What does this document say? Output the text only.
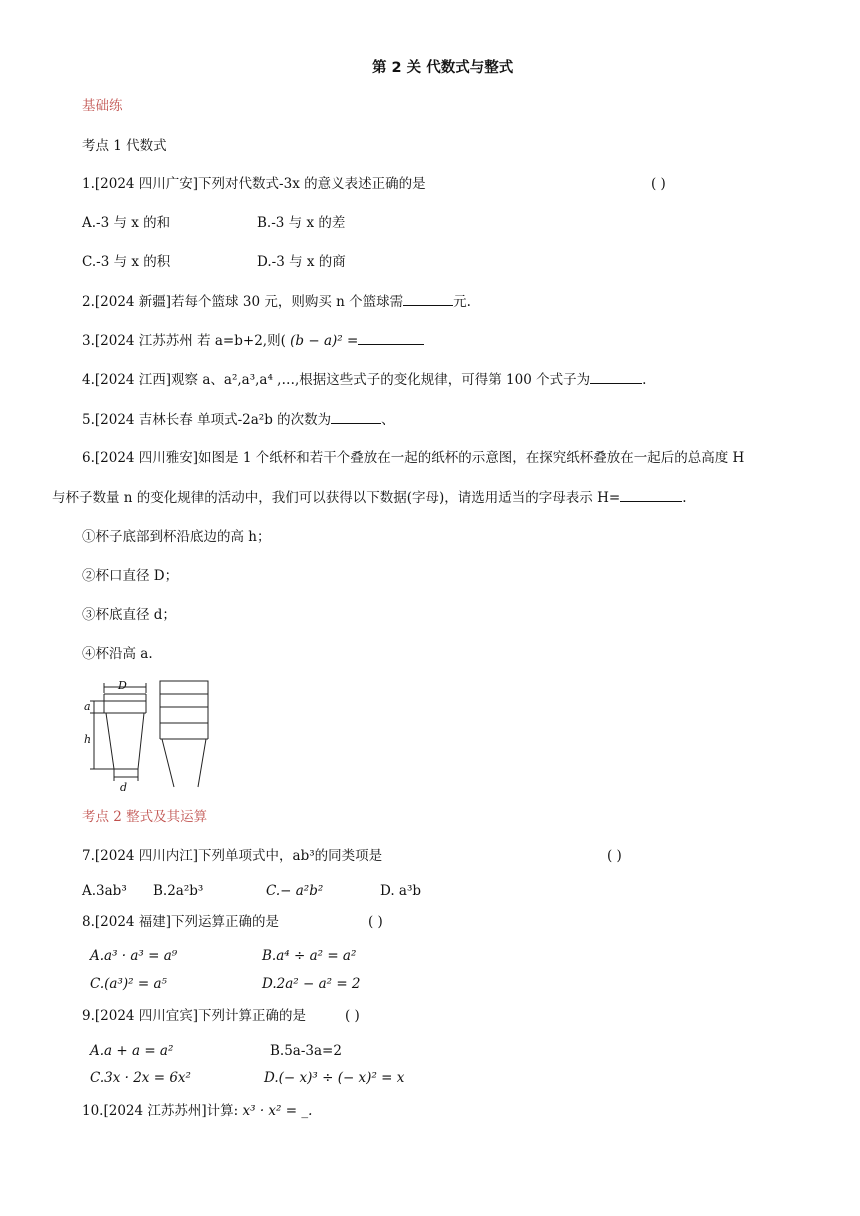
第 2 关 代数式与整式
基础练
考点 1 代数式
1.[2024 四川广安]下列对代数式-3x 的意义表述正确的是	( )
A.-3 与 x 的和	B.-3 与 x 的差
C.-3 与 x 的积	D.-3 与 x 的商
2.[2024 新疆]若每个篮球 30 元，则购买 n 个篮球需	元.
3.[2024 江苏苏州 若 a=b+2,则( (b − a)² =
4.[2024 江西]观察 a、a²,a³,a⁴ ,…,根据这些式子的变化规律，可得第 100 个式子为	.
5.[2024 吉林长春 单项式-2a²b 的次数为	、
6.[2024 四川雅安]如图是 1 个纸杯和若干个叠放在一起的纸杯的示意图，在探究纸杯叠放在一起后的总高度 H
与杯子数量 n 的变化规律的活动中，我们可以获得以下数据(字母)，请选用适当的字母表示 H=	.
①杯子底部到杯沿底边的高 h；
②杯口直径 D；
③杯底直径 d；
④杯沿高 a.
D
a
h
d
考点 2 整式及其运算
7.[2024 四川内江]下列单项式中，ab³的同类项是	( )
A.3ab³ B.2a²b³	C.− a²b²	D. a³b
8.[2024 福建]下列运算正确的是	( )
A.a³ · a³ = a⁹	B.a⁴ ÷ a² = a²
C.(a³)² = a⁵	D.2a² − a² = 2
9.[2024 四川宜宾]下列计算正确的是	( )
A.a + a = a²	B.5a-3a=2
C.3x · 2x = 6x²	D.(− x)³ ÷ (− x)² = x
10.[2024 江苏苏州]计算: x³ · x² = _.
